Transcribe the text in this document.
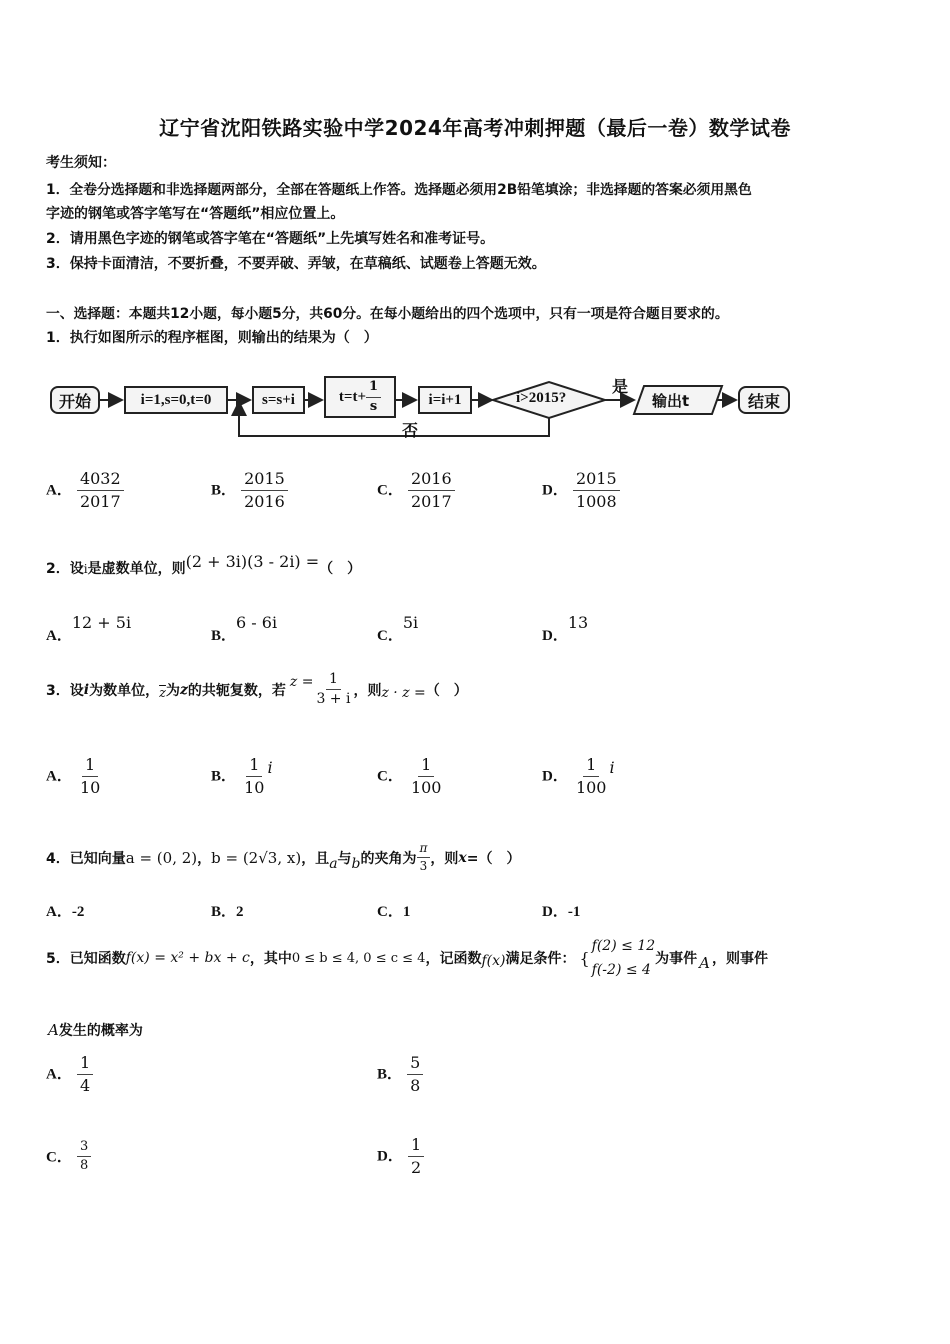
辽宁省沈阳铁路实验中学2024年高考冲刺押题（最后一卷）数学试卷
考生须知：
1．全卷分选择题和非选择题两部分，全部在答题纸上作答。选择题必须用2B铅笔填涂；非选择题的答案必须用黑色
字迹的钢笔或答字笔写在“答题纸”相应位置上。
2．请用黑色字迹的钢笔或答字笔在“答题纸”上先填写姓名和准考证号。
3．保持卡面清洁，不要折叠，不要弄破、弄皱，在草稿纸、试题卷上答题无效。
一、选择题：本题共12小题，每小题5分，共60分。在每小题给出的四个选项中，只有一项是符合题目要求的。
1．执行如图所示的程序框图，则输出的结果为（　）
开始	i=1,s=0,t=0	s=s+i	$t=t+ \frac{1}{s}$	i=i+1	i>2015?
是
否
输出t	结束
A． $\frac{4032}{2017}$	B． $\frac{2015}{2016}$	C． $\frac{2016}{2017}$	D． $\frac{2015}{1008}$
2．设i是虚数单位，则(2 + 3i)(3 - 2i) =（　）
A．12 + 5i
B．6 - 6i
C．5i
D．13
3．设 i 为数单位， $\overline{z}$ 为 z 的共轭复数，若
$z = \frac{1}{3 + i}$ ，则 z · z = （　）
A． $\frac{1}{10}$	B． $\frac{1}{10}$ i	C． $\frac{1}{100}$	D． $\frac{1}{100}$ i
4．已知向量 a = (0, 2) ， b = (2√3, x) ，且 a 与 b 的夹角为 $\frac{\pi}{3}$ ，则 x =（　）
A．-2	B．2	C．1	D．-1
5．已知函数 f(x) = x² + bx + c ，其中 0 ≤ b ≤ 4, 0 ≤ c ≤ 4 ，记函数 f(x) 满足条件： {
f(2) ≤ 12
f(-2) ≤ 4
为事件 A ，则事件
A发生的概率为
A． $\frac{1}{4}$	B． $\frac{5}{8}$
C． $\frac{3}{8}$	D． $\frac{1}{2}$
